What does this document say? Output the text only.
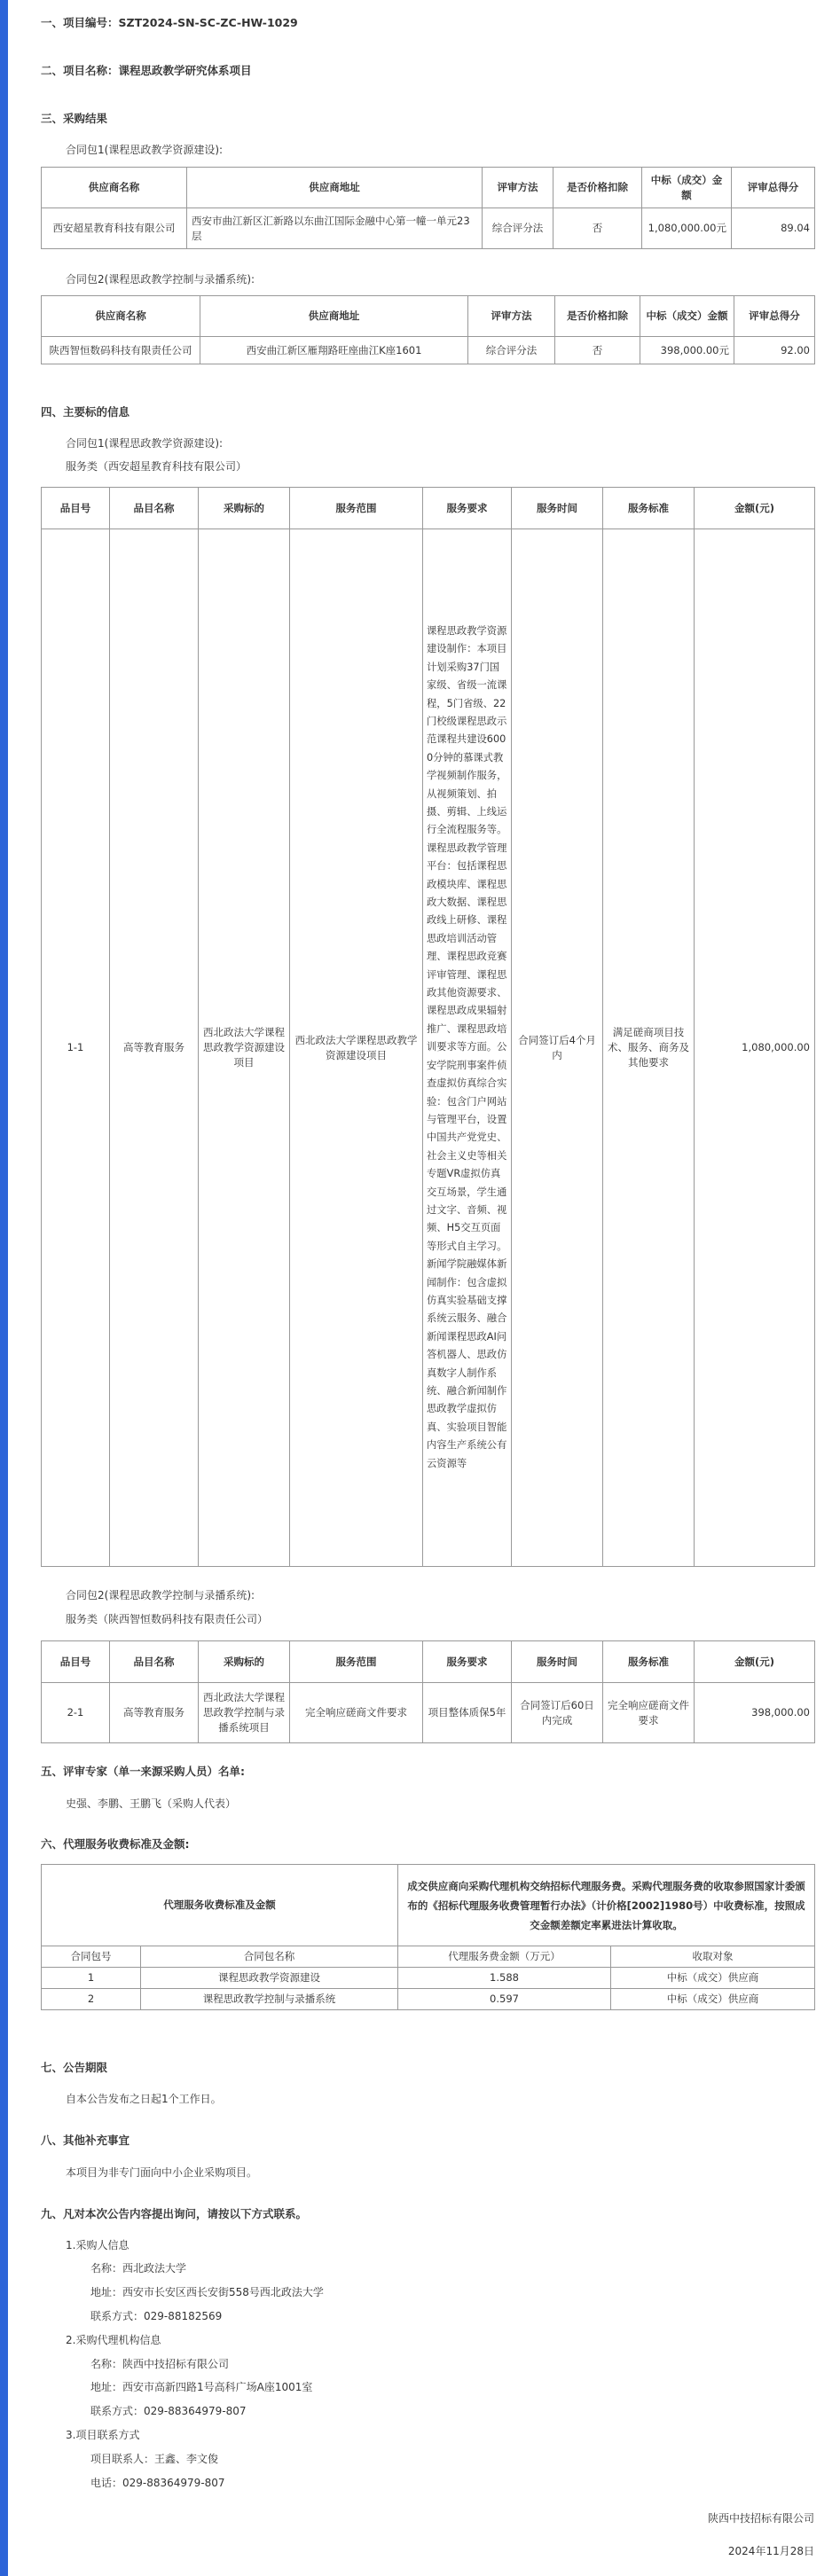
一、项目编号：SZT2024-SN-SC-ZC-HW-1029
二、项目名称：课程思政教学研究体系项目
三、采购结果
合同包1(课程思政教学资源建设):
供应商名称	供应商地址	评审方法	是否价格扣除	中标（成交）金额	评审总得分
西安超星教育科技有限公司	西安市曲江新区汇新路以东曲江国际金融中心第一幢一单元23层	综合评分法	否	1,080,000.00元	89.04
合同包2(课程思政教学控制与录播系统):
供应商名称	供应商地址	评审方法	是否价格扣除	中标（成交）金额	评审总得分
陕西智恒数码科技有限责任公司	西安曲江新区雁翔路旺座曲江K座1601	综合评分法	否	398,000.00元	92.00
四、主要标的信息
合同包1(课程思政教学资源建设):
服务类（西安超星教育科技有限公司）
品目号	品目名称	采购标的	服务范围	服务要求	服务时间	服务标准	金额(元)
1-1	高等教育服务	西北政法大学课程思政教学资源建设项目	西北政法大学课程思政教学资源建设项目	课程思政教学资源建设制作：本项目计划采购37门国家级、省级一流课程，5门省级、22门校级课程思政示范课程共建设6000分钟的慕课式教学视频制作服务，从视频策划、拍摄、剪辑、上线运行全流程服务等。课程思政教学管理平台：包括课程思政模块库、课程思政大数据、课程思政线上研修、课程思政培训活动管理、课程思政竞赛评审管理、课程思政其他资源要求、课程思政成果辐射推广、课程思政培训要求等方面。公安学院刑事案件侦查虚拟仿真综合实验：包含门户网站与管理平台，设置中国共产党党史、社会主义史等相关专题VR虚拟仿真交互场景，学生通过文字、音频、视频、H5交互页面等形式自主学习。新闻学院融媒体新闻制作：包含虚拟仿真实验基础支撑系统云服务、融合新闻课程思政AI问答机器人、思政仿真数字人制作系统、融合新闻制作思政教学虚拟仿真、实验项目智能内容生产系统公有云资源等	合同签订后4个月内	满足磋商项目技术、服务、商务及其他要求	1,080,000.00
合同包2(课程思政教学控制与录播系统):
服务类（陕西智恒数码科技有限责任公司）
品目号	品目名称	采购标的	服务范围	服务要求	服务时间	服务标准	金额(元)
2-1	高等教育服务	西北政法大学课程思政教学控制与录播系统项目	完全响应磋商文件要求	项目整体质保5年	合同签订后60日内完成	完全响应磋商文件要求	398,000.00
五、评审专家（单一来源采购人员）名单:
史强、李鹏、王鹏飞（采购人代表）
六、代理服务收费标准及金额:
代理服务收费标准及金额		成交供应商向采购代理机构交纳招标代理服务费。采购代理服务费的收取参照国家计委颁布的《招标代理服务收费管理暂行办法》（计价格[2002]1980号）中收费标准，按照成交金额差额定率累进法计算收取。	
合同包号	合同包名称	代理服务费金额（万元）	收取对象
1	课程思政教学资源建设	1.588	中标（成交）供应商
2	课程思政教学控制与录播系统	0.597	中标（成交）供应商
七、公告期限
自本公告发布之日起1个工作日。
八、其他补充事宜
本项目为非专门面向中小企业采购项目。
九、凡对本次公告内容提出询问，请按以下方式联系。
1.采购人信息
名称：西北政法大学
地址：西安市长安区西长安街558号西北政法大学
联系方式：029-88182569
2.采购代理机构信息
名称：陕西中技招标有限公司
地址：西安市高新四路1号高科广场A座1001室
联系方式：029-88364979-807
3.项目联系方式
项目联系人：王鑫、李文俊
电话：029-88364979-807
陕西中技招标有限公司
2024年11月28日
